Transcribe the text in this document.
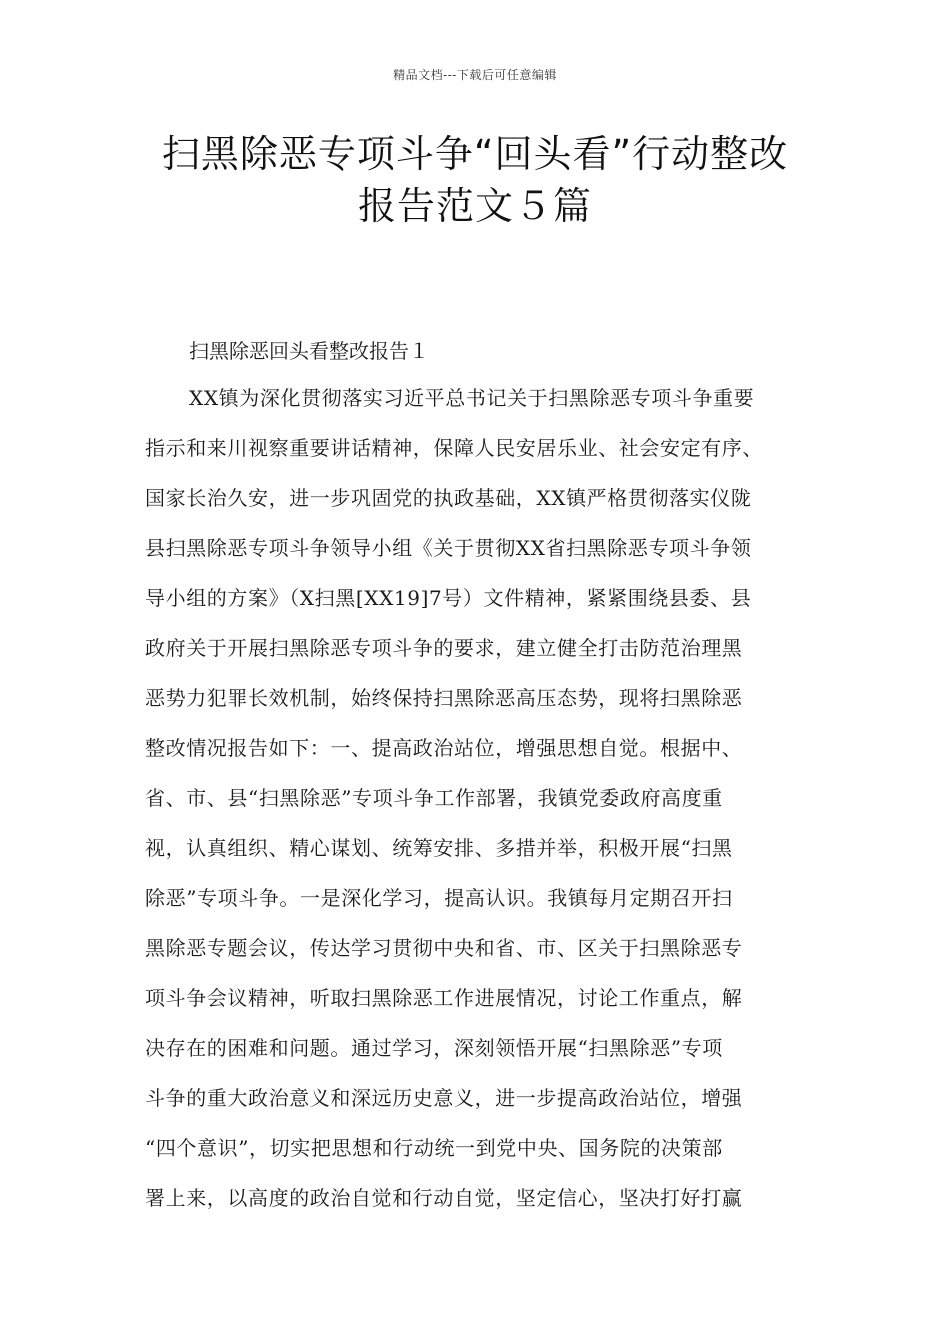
精品文档---下载后可任意编辑
扫黑除恶专项斗争“回头看”行动整改
报告范文５篇
扫黑除恶回头看整改报告１
XX镇为深化贯彻落实习近平总书记关于扫黑除恶专项斗争重要
指示和来川视察重要讲话精神，保障人民安居乐业、社会安定有序、
国家长治久安，进一步巩固党的执政基础，XX镇严格贯彻落实仪陇
县扫黑除恶专项斗争领导小组《关于贯彻XX省扫黑除恶专项斗争领
导小组的方案》（X扫黑[XX19]7号）文件精神，紧紧围绕县委、县
政府关于开展扫黑除恶专项斗争的要求，建立健全打击防范治理黑
恶势力犯罪长效机制，始终保持扫黑除恶高压态势，现将扫黑除恶
整改情况报告如下：一、提高政治站位，增强思想自觉。根据中、
省、市、县“扫黑除恶”专项斗争工作部署，我镇党委政府高度重
视，认真组织、精心谋划、统筹安排、多措并举，积极开展“扫黑
除恶”专项斗争。一是深化学习，提高认识。我镇每月定期召开扫
黑除恶专题会议，传达学习贯彻中央和省、市、区关于扫黑除恶专
项斗争会议精神，听取扫黑除恶工作进展情况，讨论工作重点，解
决存在的困难和问题。通过学习，深刻领悟开展“扫黑除恶”专项
斗争的重大政治意义和深远历史意义，进一步提高政治站位，增强
“四个意识”，切实把思想和行动统一到党中央、国务院的决策部
署上来，以高度的政治自觉和行动自觉，坚定信心，坚决打好打赢
